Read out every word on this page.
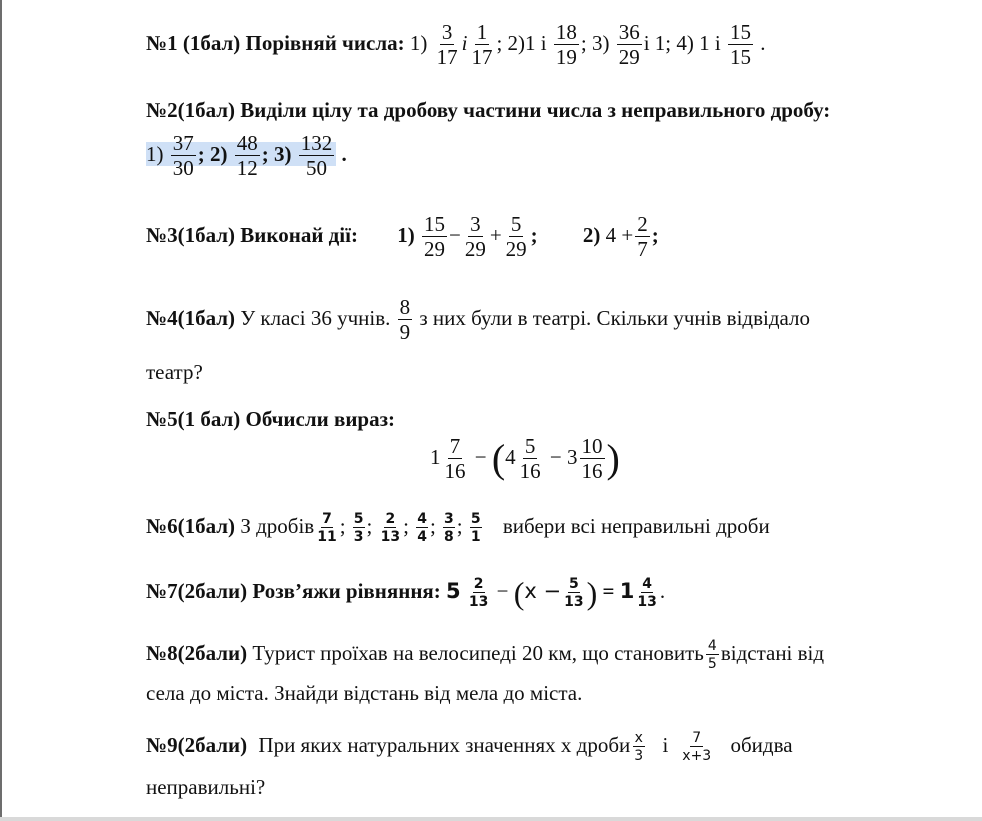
№1 (1бал) Порівняй числа: $1) \frac{3}{17}$ і $\frac{1}{17}$ ; 2)1 і $\frac{18}{19}$ ; $3) \frac{36}{29}$ і 1; 4) 1 і $\frac{15}{15}$ .
№2(1бал) Виділи цілу та дробову частини числа з неправильного дробу:
$1) \frac{37}{30}$ ; $2) \frac{48}{12}$ ; $3) \frac{132}{50}$ .
№3(1бал) Виконай дії: $1) \frac{15}{29} - \frac{3}{29} + \frac{5}{29}$ ; 2) $4 + \frac{2}{7}$ ;
№4(1бал) У класі 36 учнів. $\frac{8}{9}$ з них були в театрі. Скільки учнів відвідало
театр?
№5(1 бал) Обчисли вираз:
$1 \frac{7}{16} - (4 \frac{5}{16} - 3 \frac{10}{16}$ )
№6(1бал) З дробів $\frac{7}{11}$ ; $\frac{5}{3}$ ; $\frac{2}{13}$ ; $\frac{4}{4}$ ; $\frac{3}{8}$ ; $\frac{5}{1}$ вибери всі неправильні дроби
№7(2бали) Розв’яжи рівняння: $5 \frac{2}{13} - (x - \frac{5}{13}$ ) = $1 \frac{4}{13}$ .
№8(2бали) Турист проїхав на велосипеді 20 км, що становить $\frac{4}{5}$ відстані від
села до міста. Знайди відстань від мела до міста.
№9(2бали) При яких натуральних значеннях х дроби $\frac{x}{3}$ і $\frac{7}{x+3}$ обидва
неправильні?
